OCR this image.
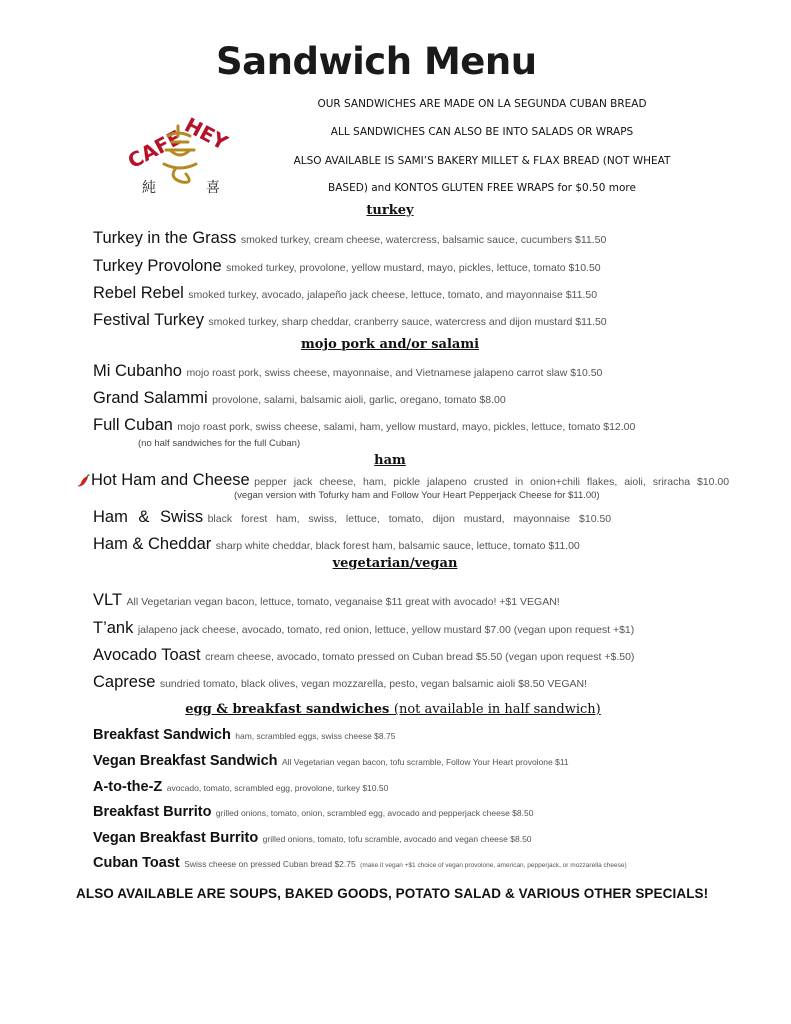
Sandwich Menu
CAFE
HEY
純	喜
OUR SANDWICHES ARE MADE ON LA SEGUNDA CUBAN BREAD
ALL SANDWICHES CAN ALSO BE INTO SALADS OR WRAPS
ALSO AVAILABLE IS SAMI’S BAKERY MILLET & FLAX BREAD (NOT WHEAT
BASED) and KONTOS GLUTEN FREE WRAPS for $0.50 more
turkey
Turkey in the Grass smoked turkey, cream cheese, watercress, balsamic sauce, cucumbers $11.50
Turkey Provolone smoked turkey, provolone, yellow mustard, mayo, pickles, lettuce, tomato $10.50
Rebel Rebel smoked turkey, avocado, jalapeño jack cheese, lettuce, tomato, and mayonnaise $11.50
Festival Turkey smoked turkey, sharp cheddar, cranberry sauce, watercress and dijon mustard $11.50
mojo pork and/or salami
Mi Cubanho mojo roast pork, swiss cheese, mayonnaise, and Vietnamese jalapeno carrot slaw $10.50
Grand Salammi provolone, salami, balsamic aioli, garlic, oregano, tomato $8.00
Full Cuban mojo roast pork, swiss cheese, salami, ham, yellow mustard, mayo, pickles, lettuce, tomato $12.00
(no half sandwiches for the full Cuban)
ham
Hot Ham and Cheese pepper jack cheese, ham, pickle jalapeno crusted in onion+chili flakes, aioli, sriracha $10.00
(vegan version with Tofurky ham and Follow Your Heart Pepperjack Cheese for $11.00)
Ham & Swiss black forest ham, swiss, lettuce, tomato, dijon mustard, mayonnaise $10.50
Ham & Cheddar sharp white cheddar, black forest ham, balsamic sauce, lettuce, tomato $11.00
vegetarian/vegan
VLT All Vegetarian vegan bacon, lettuce, tomato, veganaise $11 great with avocado! +$1 VEGAN!
T’ank jalapeno jack cheese, avocado, tomato, red onion, lettuce, yellow mustard $7.00 (vegan upon request +$1)
Avocado Toast cream cheese, avocado, tomato pressed on Cuban bread $5.50 (vegan upon request +$.50)
Caprese sundried tomato, black olives, vegan mozzarella, pesto, vegan balsamic aioli $8.50 VEGAN!
egg & breakfast sandwiches (not available in half sandwich)
Breakfast Sandwich ham, scrambled eggs, swiss cheese $8.75
Vegan Breakfast Sandwich All Vegetarian vegan bacon, tofu scramble, Follow Your Heart provolone $11
A-to-the-Z avocado, tomato, scrambled egg, provolone, turkey $10.50
Breakfast Burrito grilled onions, tomato, onion, scrambled egg, avocado and pepperjack cheese $8.50
Vegan Breakfast Burrito grilled onions, tomato, tofu scramble, avocado and vegan cheese $8.50
Cuban Toast Swiss cheese on pressed Cuban bread $2.75 (make it vegan +$1 choice of vegan provolone, american, pepperjack, or mozzarella cheese)
ALSO AVAILABLE ARE SOUPS, BAKED GOODS, POTATO SALAD & VARIOUS OTHER SPECIALS!
